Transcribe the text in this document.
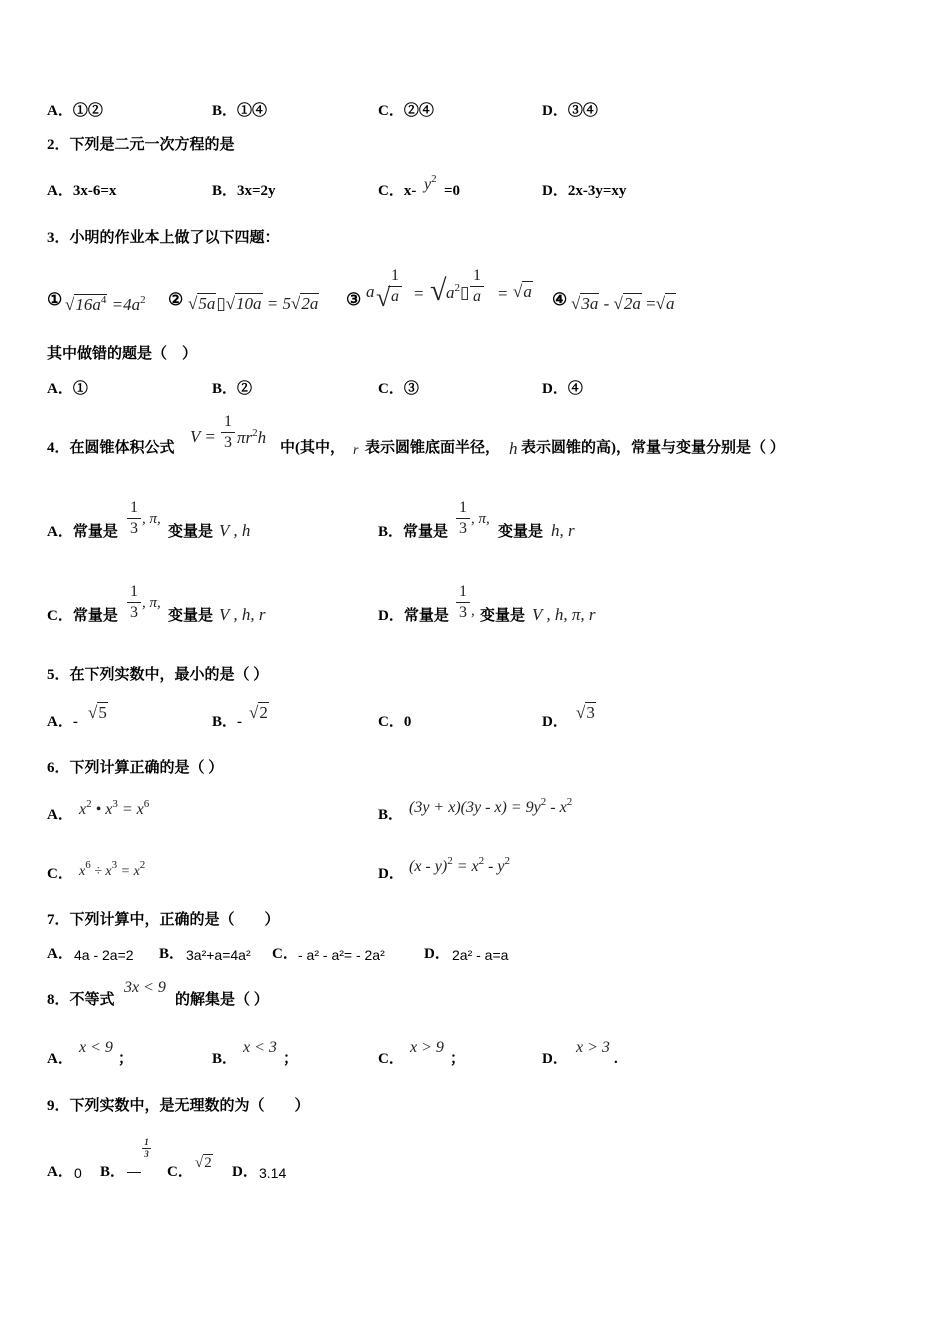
A．①②	B．①④	C．②④	D．③④
2．下列是二元一次方程的是
A．3x-6=x	B．3x=2y	C．x- $y^2$
=0	D．2x-3y=xy
3．小明的作业本上做了以下四题：
① $√16a^4 =4a^2$ ② √5a▯√10a = 5√2a ③ a √
1
a = √ $a^2▯$
1
a = √a ④ √3a - √2a =√a
其中做错的题是（　）
A．①	B．②	C．③	D．④
4．在圆锥体积公式
V =
1
3 $\pi r^2h$
中(其中， r 表示圆锥底面半径， h 表示圆锥的高)，常量与变量分别是（ ）
A．常量是
1
3
, π,
变量是 V , h	B．常量是
1
3
, π,
变量是 h, r
C．常量是
1
3
, π,
变量是 V , h, r	D．常量是
1
3 , 变量是 V , h, π, r
5．在下列实数中，最小的是（ ）
A．- √5	B．- √2	C．0	D． √3
6．下列计算正确的是（ ）
A． $x^2$ • $x^3 = x^6$
B． $(3y + x)(3y - x) = 9y^2 - x^2$
C． $x^6 \div x^3 = x^2$
D． $(x - y)^2 = x^2 - y^2$
7．下列计算中，正确的是（　　）
A． 4a - 2a=2 B． 3a²+a=4a² C． - a² - a²= - 2a²	D． 2a² - a=a
8．不等式
3x < 9
的解集是（ ）
A．
x < 9
；	B．
x < 3
；	C．
x > 9
；	D．
x > 3
.
9．下列实数中，是无理数的为（　　）
A． 0 B． —
1
3
C．
√2
D． 3.14
